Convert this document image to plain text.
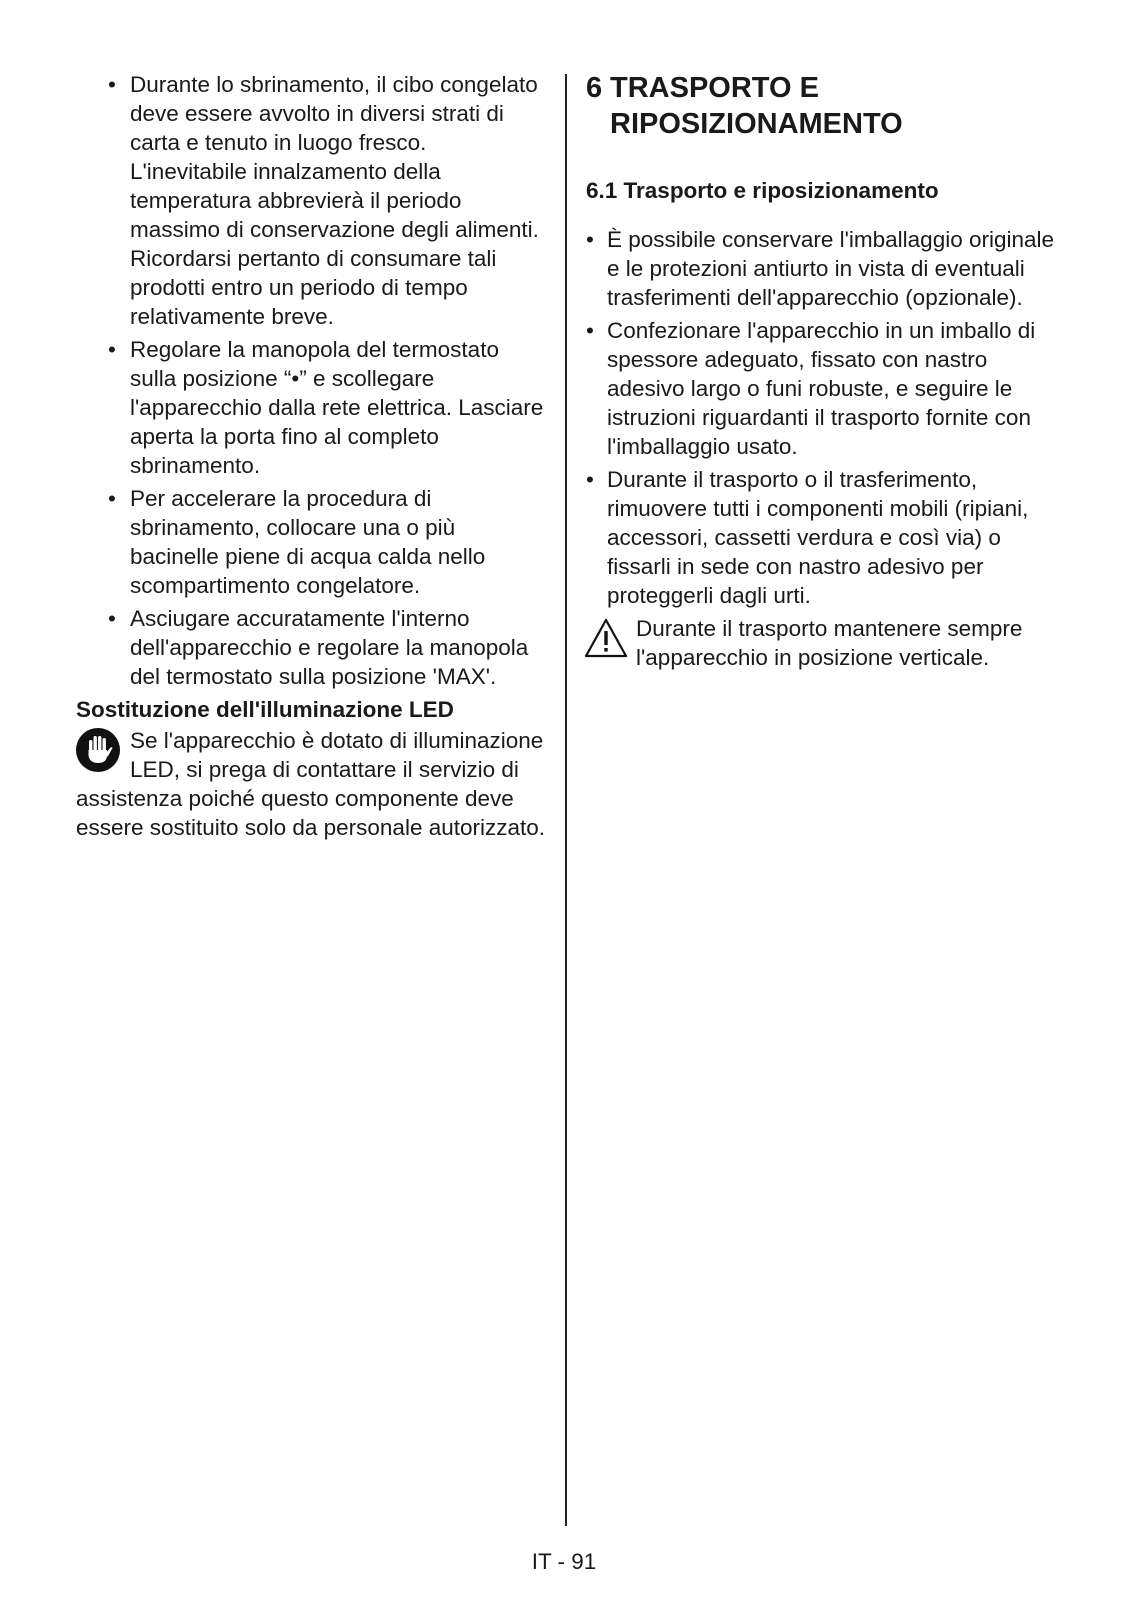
• Durante lo sbrinamento, il cibo congelato deve essere avvolto in diversi strati di carta e tenuto in luogo fresco. L'inevitabile innalzamento della temperatura abbrevierà il periodo massimo di conservazione degli alimenti. Ricordarsi pertanto di consumare tali prodotti entro un periodo di tempo relativamente breve.
• Regolare la manopola del termostato sulla posizione “•” e scollegare l'apparecchio dalla rete elettrica. Lasciare aperta la porta fino al completo sbrinamento.
• Per accelerare la procedura di sbrinamento, collocare una o più bacinelle piene di acqua calda nello scompartimento congelatore.
• Asciugare accuratamente l'interno dell'apparecchio e regolare la manopola del termostato sulla posizione 'MAX'.
Sostituzione dell'illuminazione LED
Se l'apparecchio è dotato di illuminazione LED, si prega di contattare il servizio di assistenza poiché questo componente deve essere sostituito solo da personale autorizzato.
6 TRASPORTO E
RIPOSIZIONAMENTO
6.1 Trasporto e riposizionamento
• È possibile conservare l'imballaggio originale e le protezioni antiurto in vista di eventuali trasferimenti dell'apparecchio (opzionale).
• Confezionare l'apparecchio in un imballo di spessore adeguato, fissato con nastro adesivo largo o funi robuste, e seguire le istruzioni riguardanti il trasporto fornite con l'imballaggio usato.
• Durante il trasporto o il trasferimento, rimuovere tutti i componenti mobili (ripiani, accessori, cassetti verdura e così via) o fissarli in sede con nastro adesivo per proteggerli dagli urti.
Durante il trasporto mantenere sempre l'apparecchio in posizione verticale.
IT - 91
